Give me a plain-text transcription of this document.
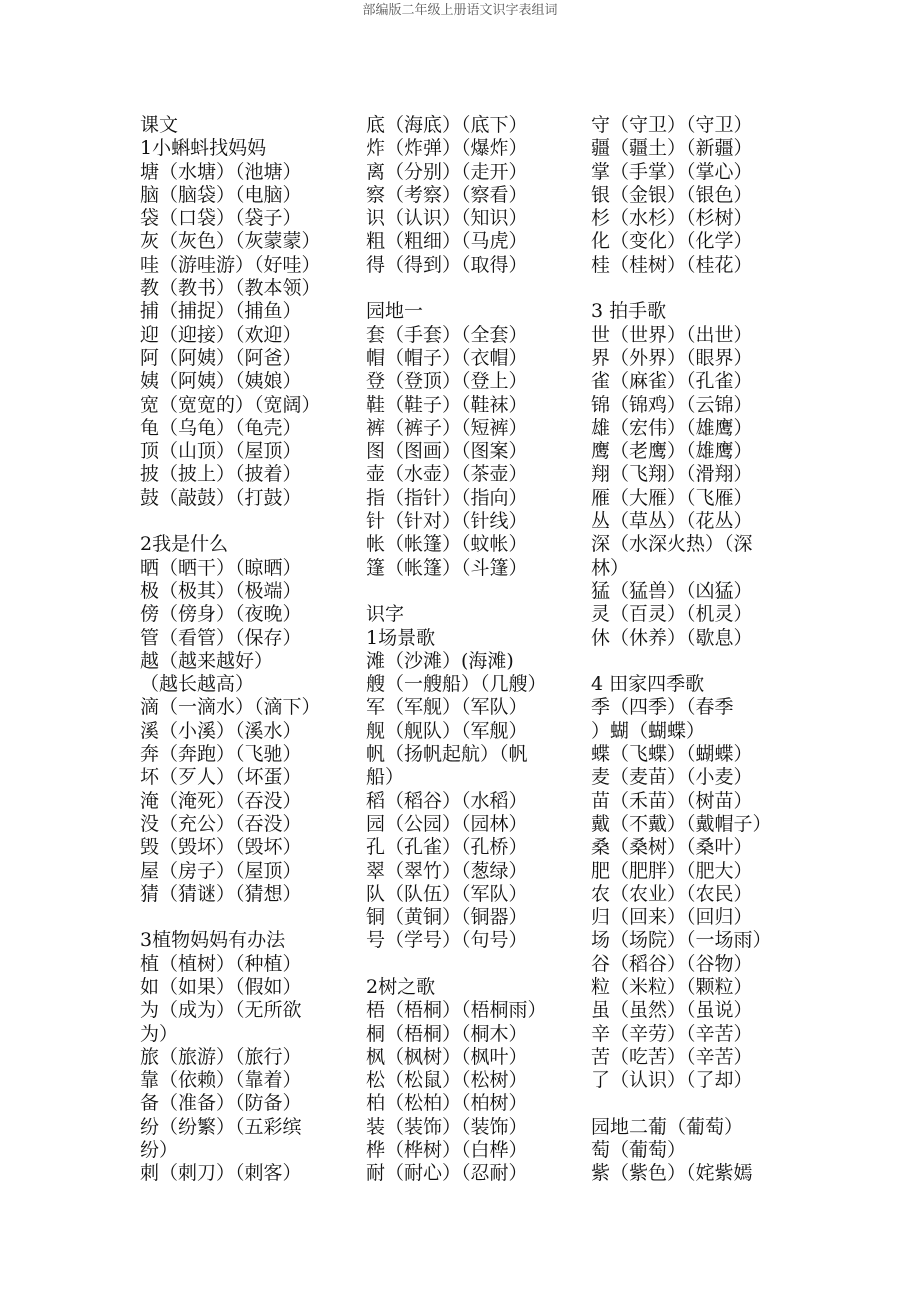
部编版二年级上册语文识字表组词
课文
1小蝌蚪找妈妈
塘（水塘）（池塘）
脑（脑袋）（电脑）
袋（口袋）（袋子）
灰（灰色）（灰蒙蒙）
哇（游哇游）（好哇）
教（教书）（教本领）
捕（捕捉）（捕鱼）
迎（迎接）（欢迎）
阿（阿姨）（阿爸）
姨（阿姨）（姨娘）
宽（宽宽的）（宽阔）
龟（乌龟）（龟壳）
顶（山顶）（屋顶）
披（披上）（披着）
鼓（敲鼓）（打鼓）
2我是什么
晒（晒干）（晾晒）
极（极其）（极端）
傍（傍身）（夜晚）
管（看管）（保存）
越（越来越好）
（越长越高）
滴（一滴水）（滴下）
溪（小溪）（溪水）
奔（奔跑）（飞驰）
坏（歹人）（坏蛋）
淹（淹死）（吞没）
没（充公）（吞没）
毁（毁坏）（毁坏）
屋（房子）（屋顶）
猜（猜谜）（猜想）
3植物妈妈有办法
植（植树）（种植）
如（如果）（假如）
为（成为）（无所欲
为）
旅（旅游）（旅行）
靠（依赖）（靠着）
备（准备）（防备）
纷（纷繁）（五彩缤
纷）
刺（刺刀）（刺客）
底（海底）（底下）
炸（炸弹）（爆炸）
离（分别）（走开）
察（考察）（察看）
识（认识）（知识）
粗（粗细）（马虎）
得（得到）（取得）
园地一
套（手套）（全套）
帽（帽子）（衣帽）
登（登顶）（登上）
鞋（鞋子）（鞋袜）
裤（裤子）（短裤）
图（图画）（图案）
壶（水壶）（茶壶）
指（指针）（指向）
针（针对）（针线）
帐（帐篷）（蚊帐）
篷（帐篷）（斗篷）
识字
1场景歌
滩（沙滩）(海滩)
艘（一艘船）（几艘）
军（军舰）（军队）
舰（舰队）（军舰）
帆（扬帆起航）（帆
船）
稻（稻谷）（水稻）
园（公园）（园林）
孔（孔雀）（孔桥）
翠（翠竹）（葱绿）
队（队伍）（军队）
铜（黄铜）（铜器）
号（学号）（句号）
2树之歌
梧（梧桐）（梧桐雨）
桐（梧桐）（桐木）
枫（枫树）（枫叶）
松（松鼠）（松树）
柏（松柏）（柏树）
装（装饰）（装饰）
桦（桦树）（白桦）
耐（耐心）（忍耐）
守（守卫）（守卫）
疆（疆土）（新疆）
掌（手掌）（掌心）
银（金银）（银色）
杉（水杉）（杉树）
化（变化）（化学）
桂（桂树）（桂花）
3 拍手歌
世（世界）（出世）
界（外界）（眼界）
雀（麻雀）（孔雀）
锦（锦鸡）（云锦）
雄（宏伟）（雄鹰）
鹰（老鹰）（雄鹰）
翔（飞翔）（滑翔）
雁（大雁）（飞雁）
丛（草丛）（花丛）
深（水深火热）（深
林）
猛（猛兽）（凶猛）
灵（百灵）（机灵）
休（休养）（歇息）
4 田家四季歌
季（四季）（春季
）蝴（蝴蝶）
蝶（飞蝶）（蝴蝶）
麦（麦苗）（小麦）
苗（禾苗）（树苗）
戴（不戴）（戴帽子）
桑（桑树）（桑叶）
肥（肥胖）（肥大）
农（农业）（农民）
归（回来）（回归）
场（场院）（一场雨）
谷（稻谷）（谷物）
粒（米粒）（颗粒）
虽（虽然）（虽说）
辛（辛劳）（辛苦）
苦（吃苦）（辛苦）
了（认识）（了却）
园地二葡（葡萄）
萄（葡萄）
紫（紫色）（姹紫嫣
